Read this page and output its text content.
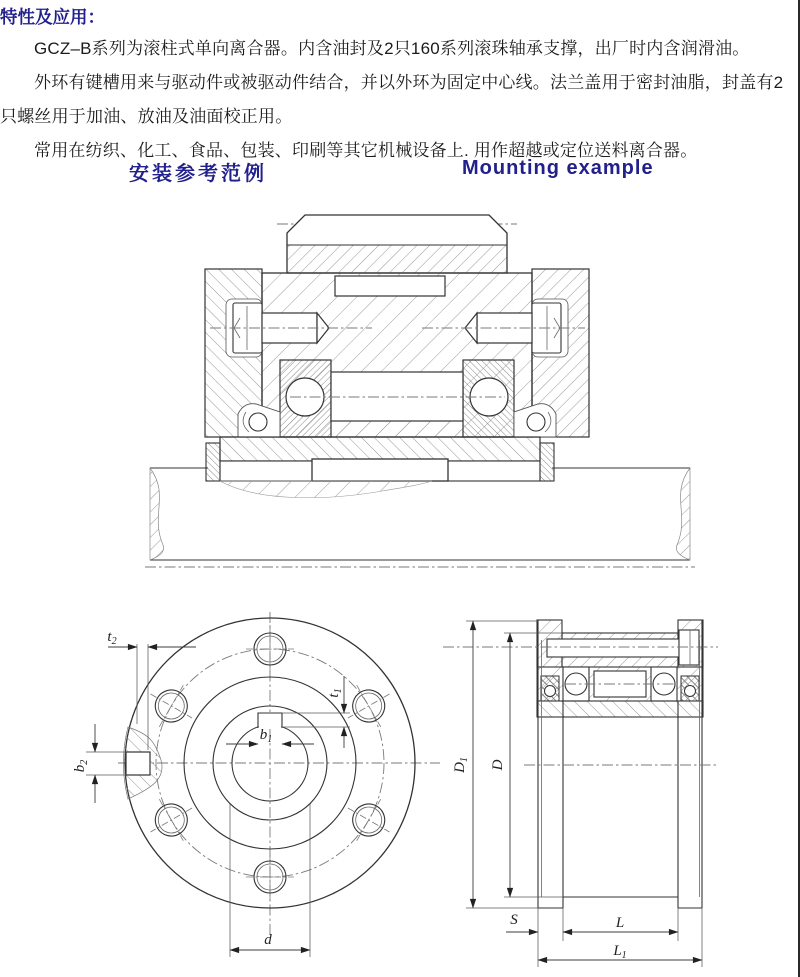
特性及应用：

GCZ–B系列为滚柱式单向离合器。内含油封及2只160系列滚珠轴承支撑，出厂时内含润滑油。

外环有键槽用来与驱动件或被驱动件结合，并以外环为固定中心线。法兰盖用于密封油脂，封盖有2只螺丝用于加油、放油及油面校正用。

常用在纺织、化工、食品、包装、印刷等其它机械设备上. 用作超越或定位送料离合器。

安装参考范例	Mounting example
$t_2$
$b_2$
$b_1$
$t_1$
d
$D_1$ D
S	L
$L_1$
